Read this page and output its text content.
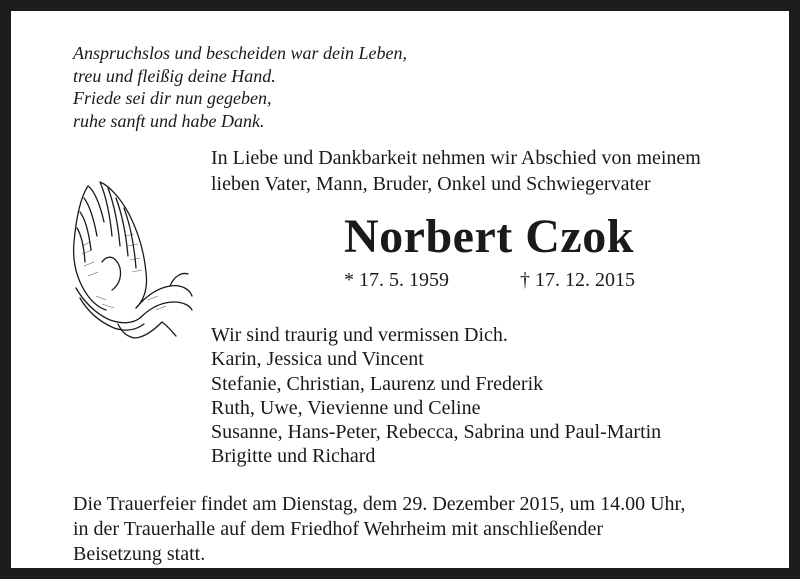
Anspruchslos und bescheiden war dein Leben,
treu und fleißig deine Hand.
Friede sei dir nun gegeben,
ruhe sanft und habe Dank.
In Liebe und Dankbarkeit nehmen wir Abschied von meinem
lieben Vater, Mann, Bruder, Onkel und Schwiegervater
Norbert Czok
* 17. 5. 1959	† 17. 12. 2015
Wir sind traurig und vermissen Dich.
Karin, Jessica und Vincent
Stefanie, Christian, Laurenz und Frederik
Ruth, Uwe, Vievienne und Celine
Susanne, Hans-Peter, Rebecca, Sabrina und Paul-Martin
Brigitte und Richard
Die Trauerfeier findet am Dienstag, dem 29. Dezember 2015, um 14.00 Uhr,
in der Trauerhalle auf dem Friedhof Wehrheim mit anschließender
Beisetzung statt.
